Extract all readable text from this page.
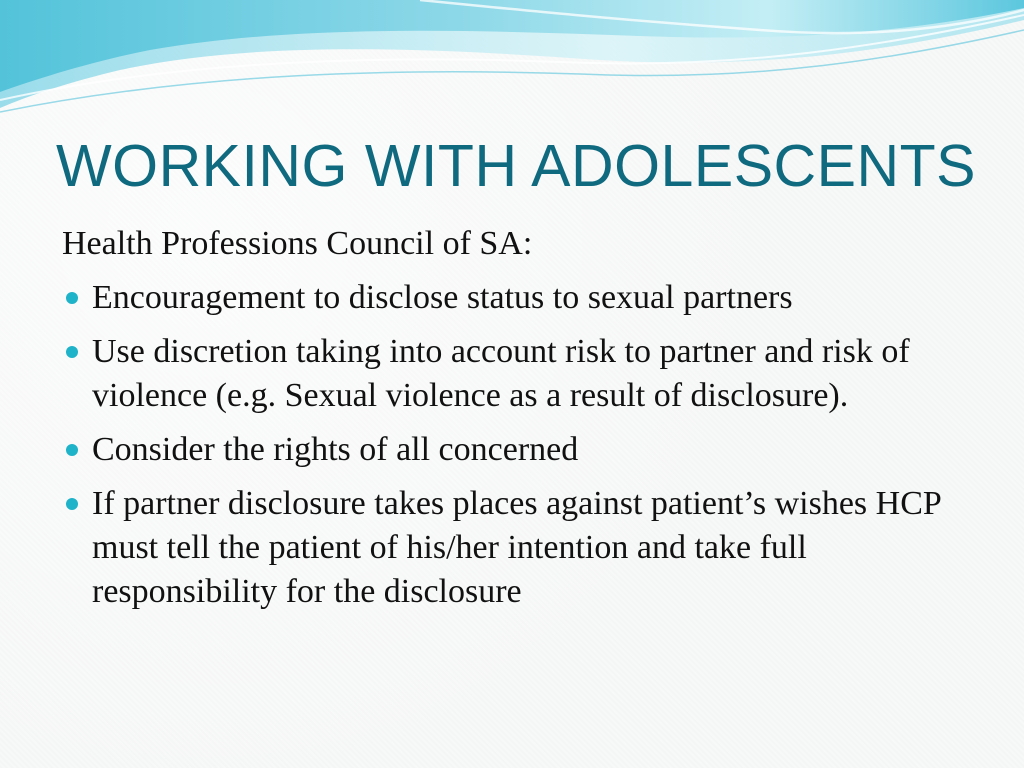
WORKING WITH ADOLESCENTS

Health Professions Council of SA:

Encouragement to disclose status to sexual partners
Use discretion taking into account risk to partner and risk of violence (e.g. Sexual violence as a result of disclosure).
Consider the rights of all concerned
If partner disclosure takes places against patient’s wishes HCP must tell the patient of his/her intention and take full responsibility for the disclosure
